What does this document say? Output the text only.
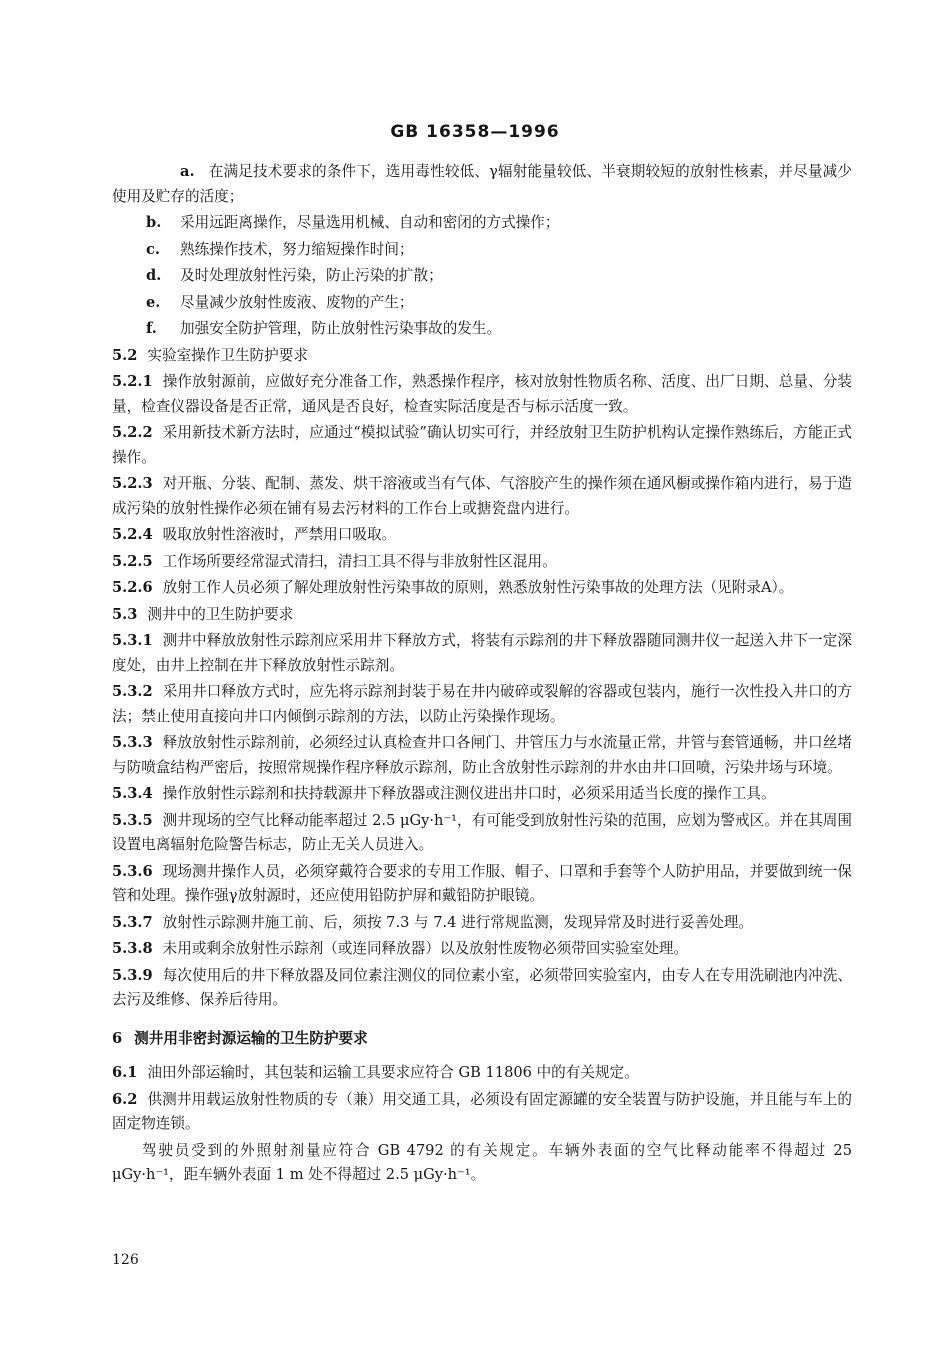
GB 16358—1996

a. 在满足技术要求的条件下，选用毒性较低、γ辐射能量较低、半衰期较短的放射性核素，并尽量减少使用及贮存的活度；

b. 采用远距离操作，尽量选用机械、自动和密闭的方式操作；

c. 熟练操作技术，努力缩短操作时间；

d. 及时处理放射性污染，防止污染的扩散；

e. 尽量减少放射性废液、废物的产生；

f. 加强安全防护管理，防止放射性污染事故的发生。

5.2 实验室操作卫生防护要求

5.2.1 操作放射源前，应做好充分准备工作，熟悉操作程序，核对放射性物质名称、活度、出厂日期、总量、分装量，检查仪器设备是否正常，通风是否良好，检查实际活度是否与标示活度一致。

5.2.2 采用新技术新方法时，应通过“模拟试验”确认切实可行，并经放射卫生防护机构认定操作熟练后，方能正式操作。

5.2.3 对开瓶、分装、配制、蒸发、烘干溶液或当有气体、气溶胶产生的操作须在通风橱或操作箱内进行，易于造成污染的放射性操作必须在铺有易去污材料的工作台上或搪瓷盘内进行。

5.2.4 吸取放射性溶液时，严禁用口吸取。

5.2.5 工作场所要经常湿式清扫，清扫工具不得与非放射性区混用。

5.2.6 放射工作人员必须了解处理放射性污染事故的原则，熟悉放射性污染事故的处理方法（见附录A）。

5.3 测井中的卫生防护要求

5.3.1 测井中释放放射性示踪剂应采用井下释放方式，将装有示踪剂的井下释放器随同测井仪一起送入井下一定深度处，由井上控制在井下释放放射性示踪剂。

5.3.2 采用井口释放方式时，应先将示踪剂封装于易在井内破碎或裂解的容器或包装内，施行一次性投入井口的方法；禁止使用直接向井口内倾倒示踪剂的方法，以防止污染操作现场。

5.3.3 释放放射性示踪剂前，必须经过认真检查井口各闸门、井管压力与水流量正常，井管与套管通畅，井口丝堵与防喷盒结构严密后，按照常规操作程序释放示踪剂，防止含放射性示踪剂的井水由井口回喷，污染井场与环境。

5.3.4 操作放射性示踪剂和扶持载源井下释放器或注测仪进出井口时，必须采用适当长度的操作工具。

5.3.5 测井现场的空气比释动能率超过 2.5 μGy·h⁻¹，有可能受到放射性污染的范围，应划为警戒区。并在其周围设置电离辐射危险警告标志，防止无关人员进入。

5.3.6 现场测井操作人员，必须穿戴符合要求的专用工作服、帽子、口罩和手套等个人防护用品，并要做到统一保管和处理。操作强γ放射源时，还应使用铅防护屏和戴铅防护眼镜。

5.3.7 放射性示踪测井施工前、后，须按 7.3 与 7.4 进行常规监测，发现异常及时进行妥善处理。

5.3.8 未用或剩余放射性示踪剂（或连同释放器）以及放射性废物必须带回实验室处理。

5.3.9 每次使用后的井下释放器及同位素注测仪的同位素小室，必须带回实验室内，由专人在专用洗刷池内冲洗、去污及维修、保养后待用。

6 测井用非密封源运输的卫生防护要求

6.1 油田外部运输时，其包装和运输工具要求应符合 GB 11806 中的有关规定。

6.2 供测井用载运放射性物质的专（兼）用交通工具，必须设有固定源罐的安全装置与防护设施，并且能与车上的固定物连锁。

驾驶员受到的外照射剂量应符合 GB 4792 的有关规定。车辆外表面的空气比释动能率不得超过 25 μGy·h⁻¹，距车辆外表面 1 m 处不得超过 2.5 μGy·h⁻¹。

126
